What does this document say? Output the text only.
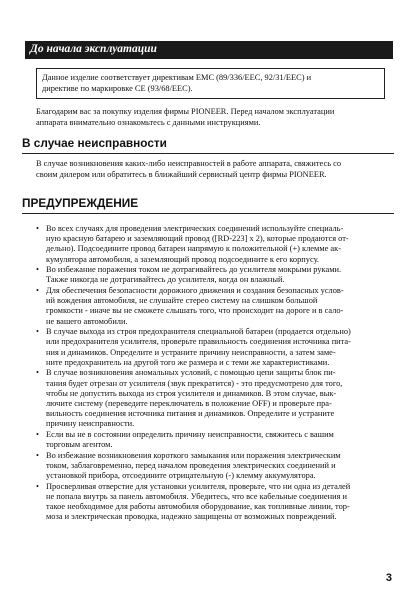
До начала эксплуатации
Данное изделие соответствует директивам EMC (89/336/EEC, 92/31/EEC) и
директиве по маркировке CE (93/68/EEC).
Благодарим вас за покупку изделия фирмы PIONEER. Перед началом эксплуатации
аппарата внимательно ознакомьтесь с данными инструкциями.
В случае неисправности
В случае возникновения каких-либо неисправностей в работе аппарата, свяжитесь со
своим дилером или обратитесь в ближайший сервисный центр фирмы PIONEER.
ПРЕДУПРЕЖДЕНИЕ
• Во всех случаях для проведения электрических соединений используйте специаль-
ную красную батарею и заземляющий провод ([RD-223] x 2), которые продаются от-
дельно). Подсоедините провод батареи напрямую к положительной (+) клемме ак-
кумулятора автомобиля, а заземляющий провод подсоедините к его корпусу.
• Во избежание поражения током не дотрагивайтесь до усилителя мокрыми руками.
Также никогда не дотрагивайтесь до усилителя, когда он влажный.
• Для обеспечения безопасности дорожного движения и создания безопасных услов-
ий вождения автомобиля, не слушайте стерео систему на слишком большой
громкости - иначе вы не сможете слышать того, что происходит на дороге и в сало-
не вашего автомобили.
• В случае выхода из строя предохранителя специальной батареи (продается отдельно)
или предохранителя усилителя, проверьте правильность соединения источника пита-
ния и динамиков. Определите и устраните причину неисправности, а затем заме-
ните предохранитель на другой того же размера и с теми же характеристиками.
• В случае возникновения аномальных условий, с помощью цепи защиты блок пи-
тания будет отрезан от усилителя (звук прекратится) - это предусмотрено для того,
чтобы не допустить выхода из строя усилителя и динамиков. В этом случае, вык-
лючите систему (переведите переключатель в положение OFF) и проверьте пра-
вильность соединения источника питания и динамиков. Определите и устраните
причину неисправности.
• Если вы не в состоянии определить причину неисправности, свяжитесь с вашим
торговым агентом.
• Во избежание возникновения короткого замыкания или поражения электрическим
током, заблаговременно, перед началом проведения электрических соединений и
установкой прибора, отсоедините отрицательную (-) клемму аккумулятора.
• Просверливая отверстие для установки усилителя, проверьте, что ни одна из деталей
не попала внутрь за панель автомобиля. Убедитесь, что все кабельные соединения и
такое необходимое для работы автомобиля оборудование, как топливные линии, тор-
моза и электрическая проводка, надежно защищены от возможных повреждений.
3
